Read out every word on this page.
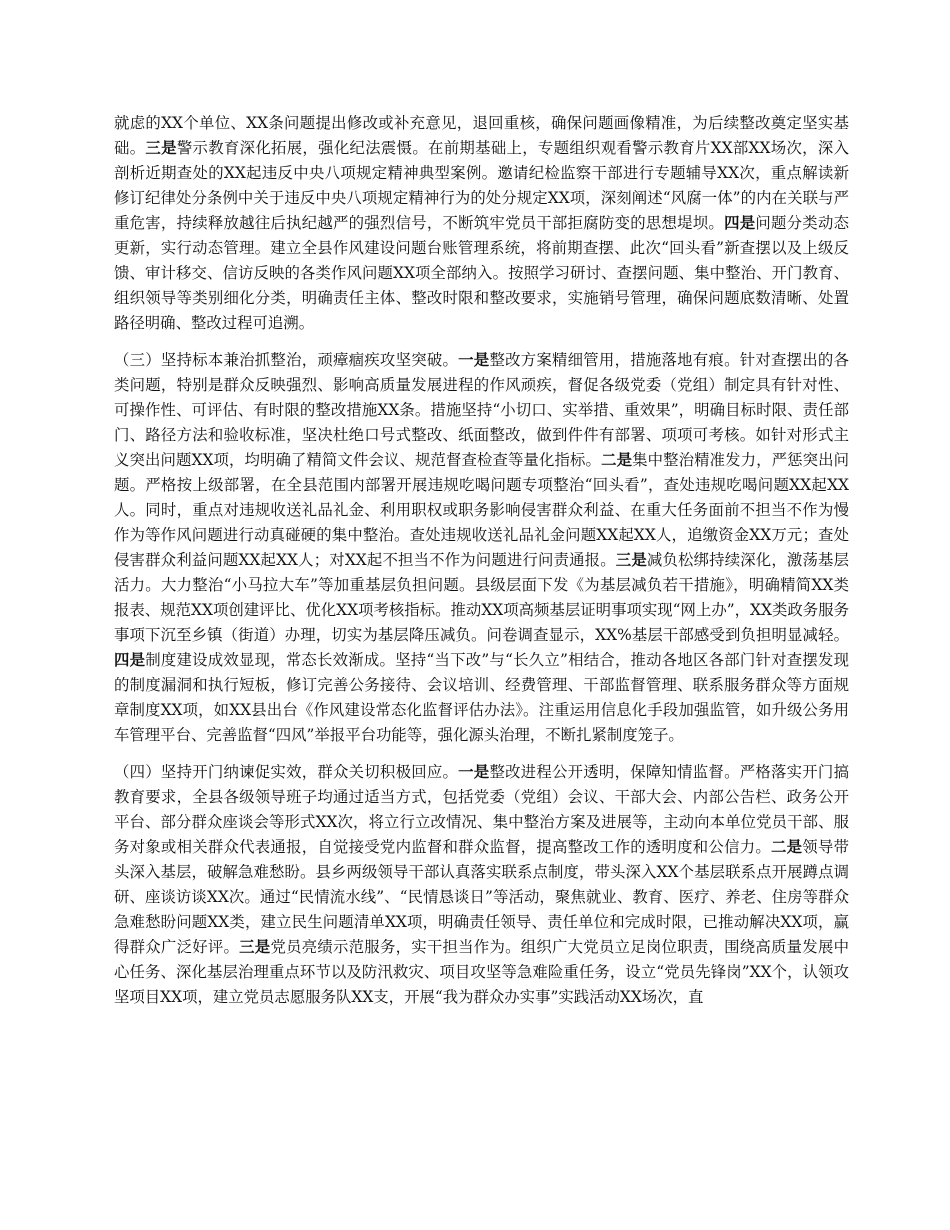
就虑的XX个单位、XX条问题提出修改或补充意见，退回重核，确保问题画像精准，为后续整改奠定坚实基础。三是警示教育深化拓展，强化纪法震慑。在前期基础上，专题组织观看警示教育片XX部XX场次，深入剖析近期查处的XX起违反中央八项规定精神典型案例。邀请纪检监察干部进行专题辅导XX次，重点解读新修订纪律处分条例中关于违反中央八项规定精神行为的处分规定XX项，深刻阐述“风腐一体”的内在关联与严重危害，持续释放越往后执纪越严的强烈信号，不断筑牢党员干部拒腐防变的思想堤坝。四是问题分类动态更新，实行动态管理。建立全县作风建设问题台账管理系统，将前期查摆、此次“回头看”新查摆以及上级反馈、审计移交、信访反映的各类作风问题XX项全部纳入。按照学习研讨、查摆问题、集中整治、开门教育、组织领导等类别细化分类，明确责任主体、整改时限和整改要求，实施销号管理，确保问题底数清晰、处置路径明确、整改过程可追溯。

（三）坚持标本兼治抓整治，顽瘴痼疾攻坚突破。一是整改方案精细管用，措施落地有痕。针对查摆出的各类问题，特别是群众反映强烈、影响高质量发展进程的作风顽疾，督促各级党委（党组）制定具有针对性、可操作性、可评估、有时限的整改措施XX条。措施坚持“小切口、实举措、重效果”，明确目标时限、责任部门、路径方法和验收标准，坚决杜绝口号式整改、纸面整改，做到件件有部署、项项可考核。如针对形式主义突出问题XX项，均明确了精简文件会议、规范督查检查等量化指标。二是集中整治精准发力，严惩突出问题。严格按上级部署，在全县范围内部署开展违规吃喝问题专项整治“回头看”，查处违规吃喝问题XX起XX人。同时，重点对违规收送礼品礼金、利用职权或职务影响侵害群众利益、在重大任务面前不担当不作为慢作为等作风问题进行动真碰硬的集中整治。查处违规收送礼品礼金问题XX起XX人，追缴资金XX万元；查处侵害群众利益问题XX起XX人；对XX起不担当不作为问题进行问责通报。三是减负松绑持续深化，激荡基层活力。大力整治“小马拉大车”等加重基层负担问题。县级层面下发《为基层减负若干措施》，明确精简XX类报表、规范XX项创建评比、优化XX项考核指标。推动XX项高频基层证明事项实现“网上办”，XX类政务服务事项下沉至乡镇（街道）办理，切实为基层降压减负。问卷调查显示，XX%基层干部感受到负担明显减轻。四是制度建设成效显现，常态长效渐成。坚持“当下改”与“长久立”相结合，推动各地区各部门针对查摆发现的制度漏洞和执行短板，修订完善公务接待、会议培训、经费管理、干部监督管理、联系服务群众等方面规章制度XX项，如XX县出台《作风建设常态化监督评估办法》。注重运用信息化手段加强监管，如升级公务用车管理平台、完善监督“四风”举报平台功能等，强化源头治理，不断扎紧制度笼子。

（四）坚持开门纳谏促实效，群众关切积极回应。一是整改进程公开透明，保障知情监督。严格落实开门搞教育要求，全县各级领导班子均通过适当方式，包括党委（党组）会议、干部大会、内部公告栏、政务公开平台、部分群众座谈会等形式XX次，将立行立改情况、集中整治方案及进展等，主动向本单位党员干部、服务对象或相关群众代表通报，自觉接受党内监督和群众监督，提高整改工作的透明度和公信力。二是领导带头深入基层，破解急难愁盼。县乡两级领导干部认真落实联系点制度，带头深入XX个基层联系点开展蹲点调研、座谈访谈XX次。通过“民情流水线”、“民情恳谈日”等活动，聚焦就业、教育、医疗、养老、住房等群众急难愁盼问题XX类，建立民生问题清单XX项，明确责任领导、责任单位和完成时限，已推动解决XX项，赢得群众广泛好评。三是党员亮绩示范服务，实干担当作为。组织广大党员立足岗位职责，围绕高质量发展中心任务、深化基层治理重点环节以及防汛救灾、项目攻坚等急难险重任务，设立“党员先锋岗”XX个，认领攻坚项目XX项，建立党员志愿服务队XX支，开展“我为群众办实事”实践活动XX场次，直
